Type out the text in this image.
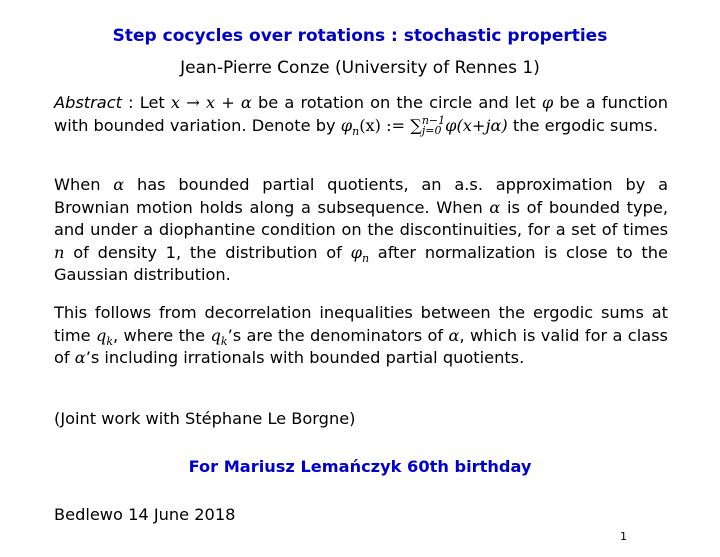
Step cocycles over rotations : stochastic properties
Jean-Pierre Conze (University of Rennes 1)
Abstract : Let x → x + α be a rotation on the circle and let φ be a function with bounded variation. Denote by $\varphi_n(x)$ := ∑ n−1
j=0 φ(x+jα) the ergodic sums.
When α has bounded partial quotients, an a.s. approximation by a Brownian motion holds along a subsequence. When α is of bounded type, and under a diophantine condition on the discontinuities, for a set of times n of density 1, the distribution of $\varphi_n$ after normalization is close to the Gaussian distribution.
This follows from decorrelation inequalities between the ergodic sums at time $q_k$, where the $q_k’s$ are the denominators of α, which is valid for a class of α’s including irrationals with bounded partial quotients.
(Joint work with Stéphane Le Borgne)
For Mariusz Lemańczyk 60th birthday
Bedlewo 14 June 2018
1
